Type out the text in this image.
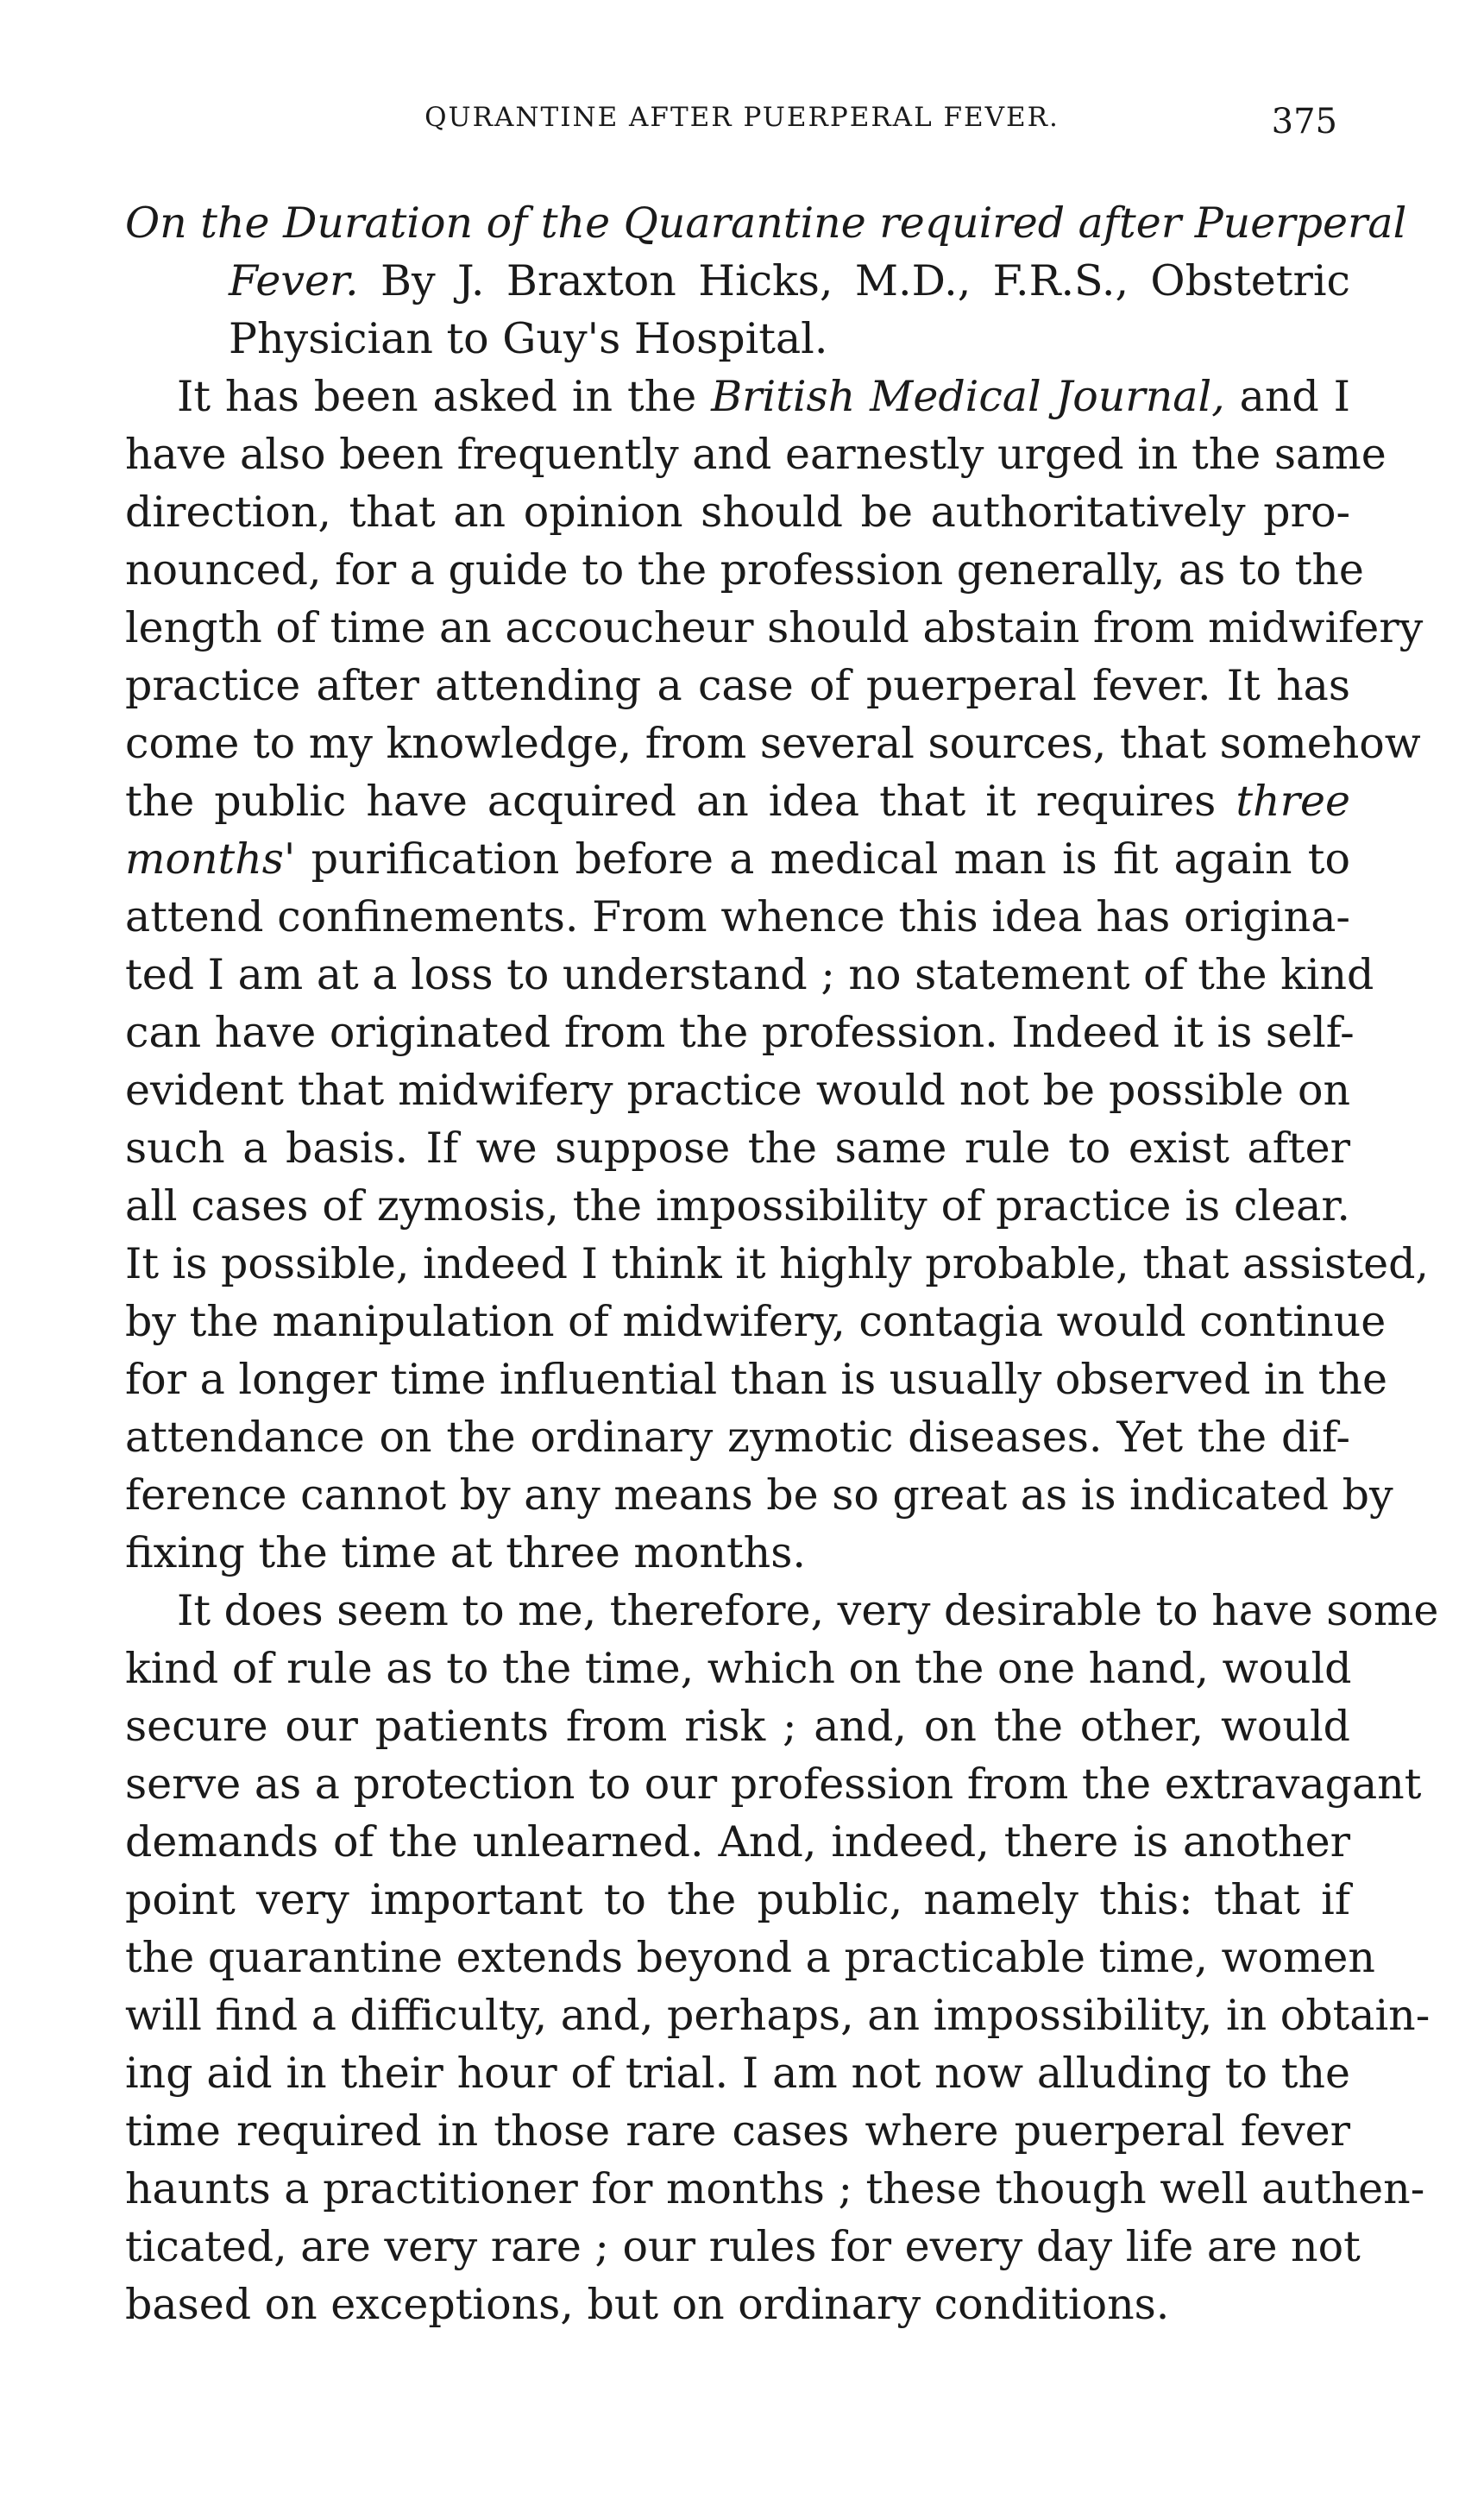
QURANTINE AFTER PUERPERAL FEVER.	375
On the Duration of the Quarantine required after Puerperal
Fever. By J. Braxton Hicks, M.D., F.R.S., Obstetric
Physician to Guy's Hospital.
It has been asked in the British Medical Journal, and I
have also been frequently and earnestly urged in the same
direction, that an opinion should be authoritatively pro-
nounced, for a guide to the profession generally, as to the
length of time an accoucheur should abstain from midwifery
practice after attending a case of puerperal fever. It has
come to my knowledge, from several sources, that somehow
the public have acquired an idea that it requires three
months' purification before a medical man is fit again to
attend confinements. From whence this idea has origina-
ted I am at a loss to understand ; no statement of the kind
can have originated from the profession. Indeed it is self-
evident that midwifery practice would not be possible on
such a basis. If we suppose the same rule to exist after
all cases of zymosis, the impossibility of practice is clear.
It is possible, indeed I think it highly probable, that assisted,
by the manipulation of midwifery, contagia would continue
for a longer time influential than is usually observed in the
attendance on the ordinary zymotic diseases. Yet the dif-
ference cannot by any means be so great as is indicated by
fixing the time at three months.
It does seem to me, therefore, very desirable to have some
kind of rule as to the time, which on the one hand, would
secure our patients from risk ; and, on the other, would
serve as a protection to our profession from the extravagant
demands of the unlearned. And, indeed, there is another
point very important to the public, namely this: that if
the quarantine extends beyond a practicable time, women
will find a difficulty, and, perhaps, an impossibility, in obtain-
ing aid in their hour of trial. I am not now alluding to the
time required in those rare cases where puerperal fever
haunts a practitioner for months ; these though well authen-
ticated, are very rare ; our rules for every day life are not
based on exceptions, but on ordinary conditions.
